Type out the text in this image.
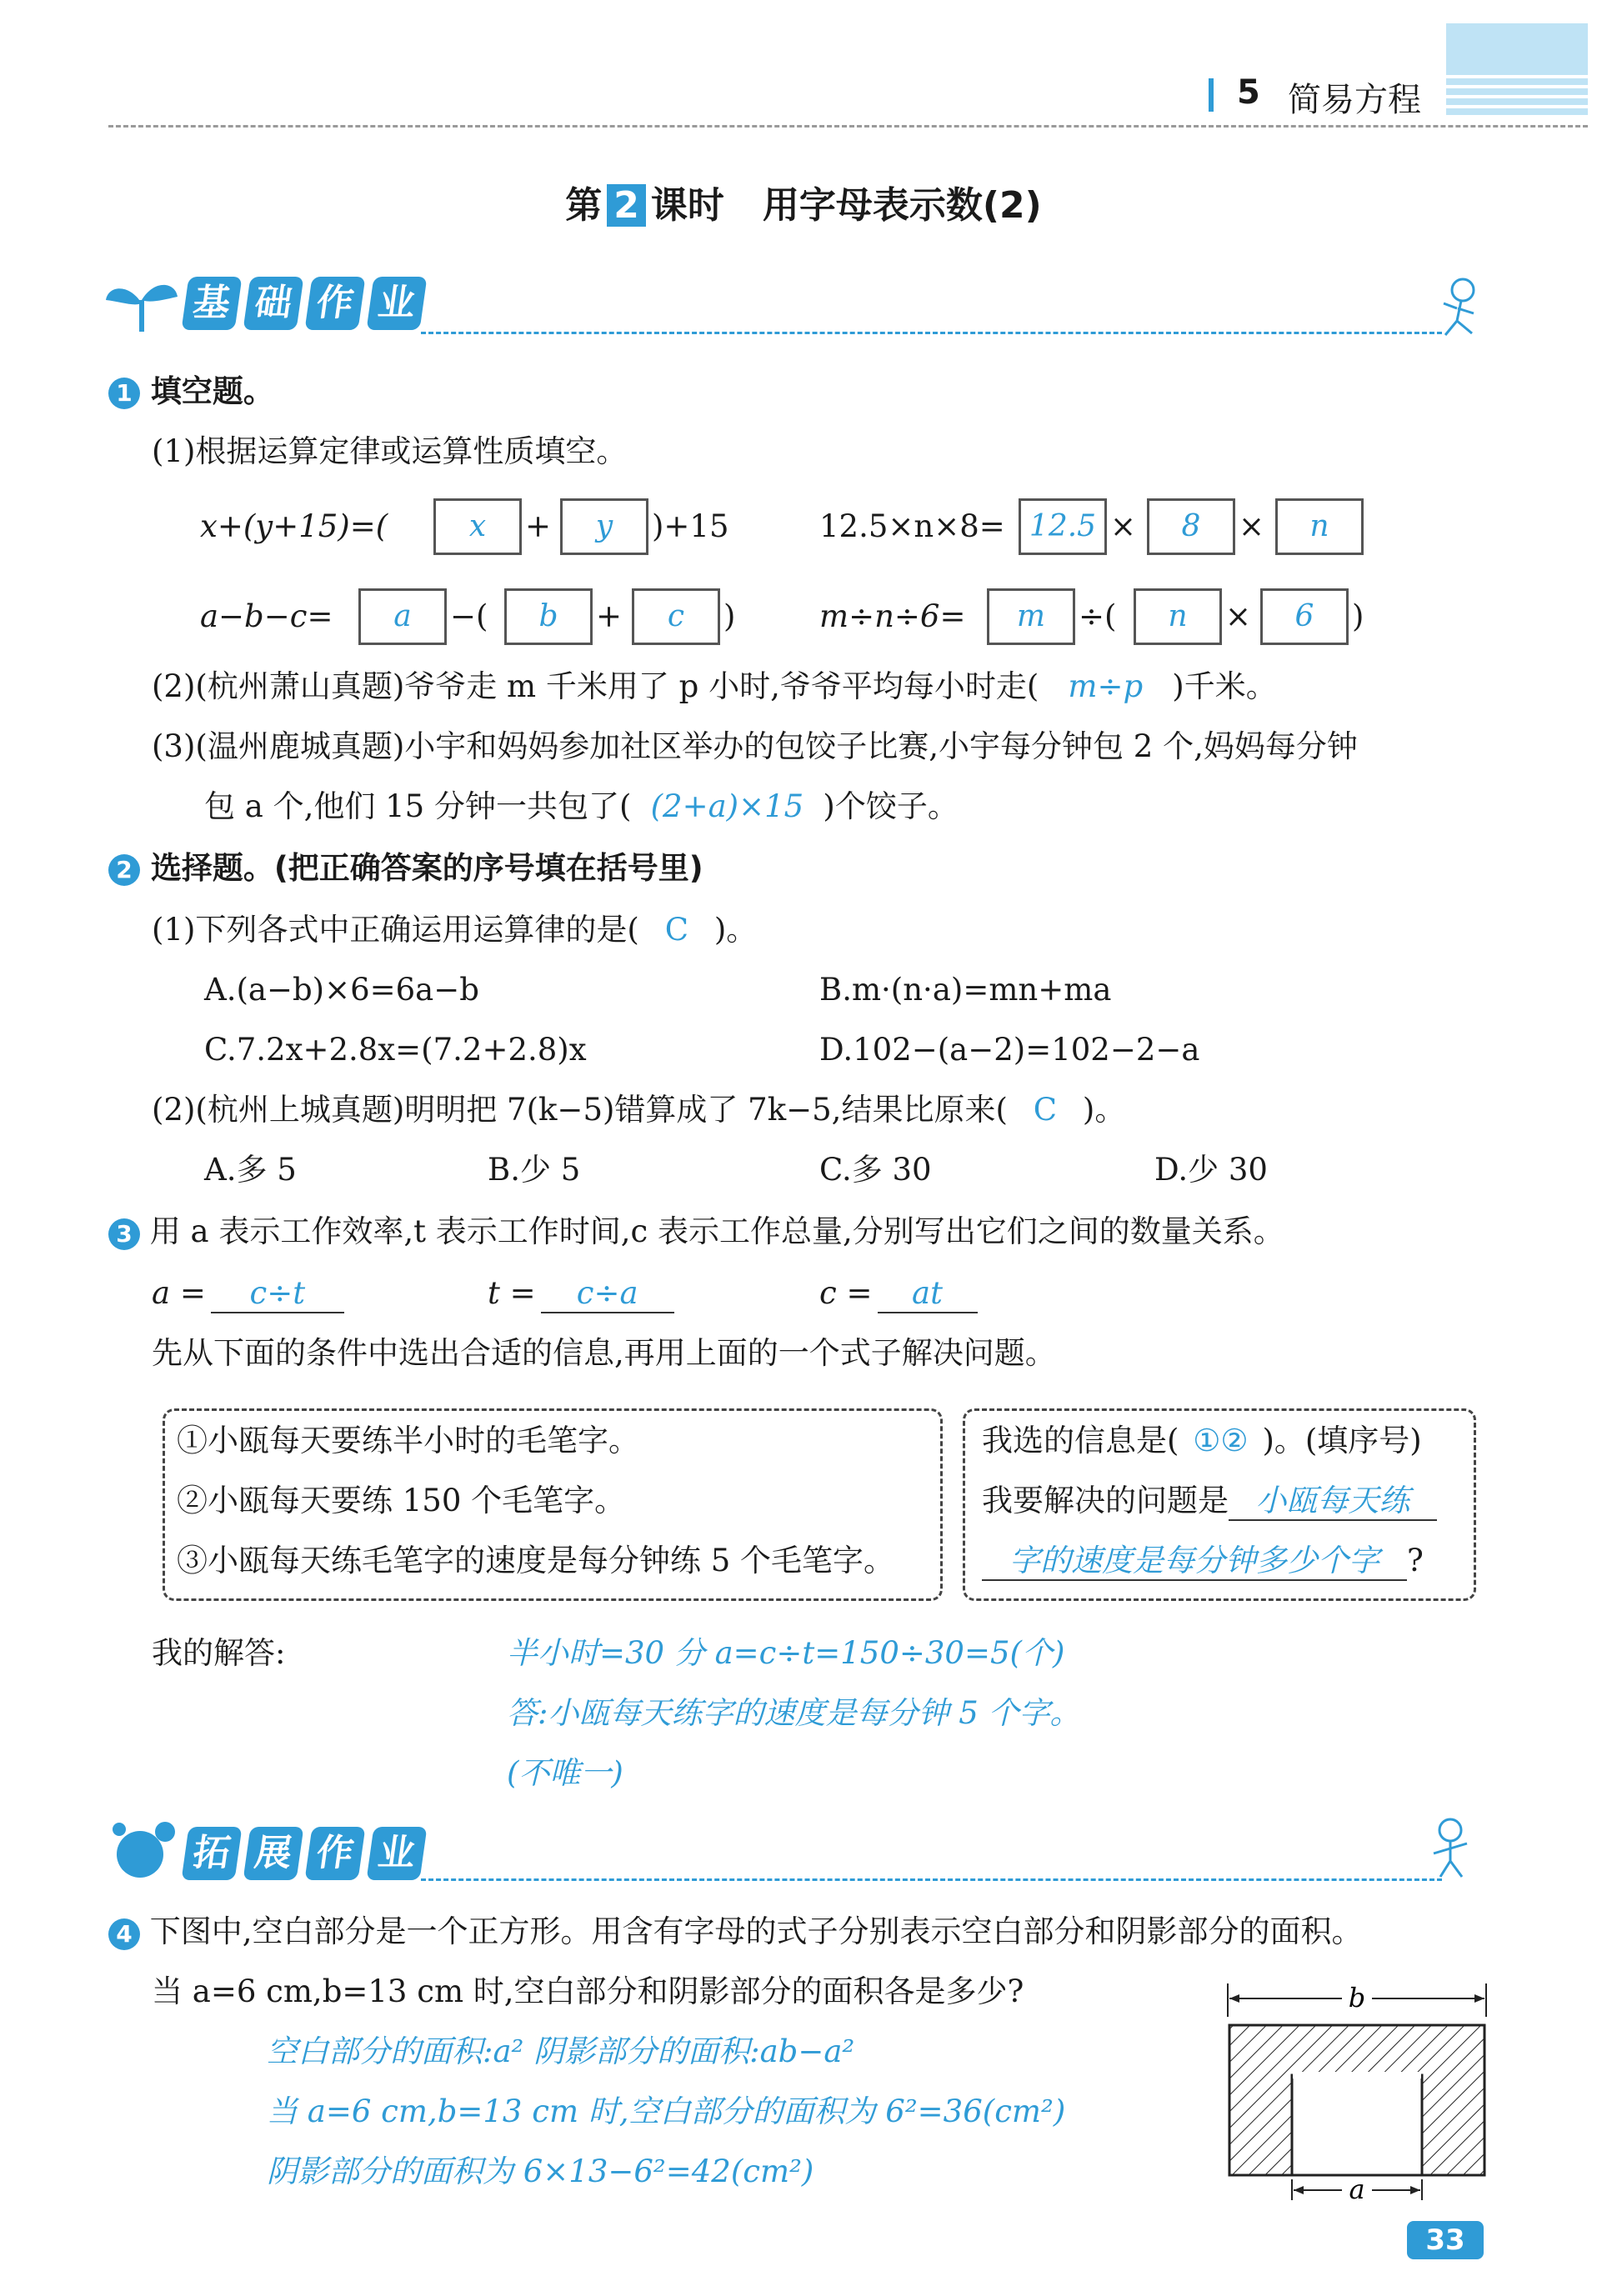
5 简易方程
第 2 课时 用字母表示数(2)
基 础 作 业
1 填空题。
(1)根据运算定律或运算性质填空。
x+(y+15)=(	x	+	y	)+15	12.5×n×8= 12.5 ×	8	×	n
a−b−c=	a	−(	b	+	c	)	m÷n÷6=	m	÷(	n	×	6	)
(2)(杭州萧山真题)爷爷走 m 千米用了 p 小时,爷爷平均每小时走( m÷p )千米。
(3)(温州鹿城真题)小宇和妈妈参加社区举办的包饺子比赛,小宇每分钟包 2 个,妈妈每分钟
包 a 个,他们 15 分钟一共包了( (2+a)×15 )个饺子。
2 选择题。(把正确答案的序号填在括号里)
(1)下列各式中正确运用运算律的是( C )。
A.(a−b)×6=6a−b	B.m·(n·a)=mn+ma
C.7.2x+2.8x=(7.2+2.8)x	D.102−(a−2)=102−2−a
(2)(杭州上城真题)明明把 7(k−5)错算成了 7k−5,结果比原来( C )。
A.多 5	B.少 5	C.多 30	D.少 30
3 用 a 表示工作效率,t 表示工作时间,c 表示工作总量,分别写出它们之间的数量关系。
a = c÷t	t = c÷a	c = at
先从下面的条件中选出合适的信息,再用上面的一个式子解决问题。
①小瓯每天要练半小时的毛笔字。
②小瓯每天要练 150 个毛笔字。
③小瓯每天练毛笔字的速度是每分钟练 5 个毛笔字。
我选的信息是( ①② )。(填序号)
我要解决的问题是 小瓯每天练
字的速度是每分钟多少个字 ?
我的解答:	半小时=30 分 a=c÷t=150÷30=5(个)
答:小瓯每天练字的速度是每分钟 5 个字。
(不唯一)
拓 展 作 业
4 下图中,空白部分是一个正方形。用含有字母的式子分别表示空白部分和阴影部分的面积。
当 a=6 cm,b=13 cm 时,空白部分和阴影部分的面积各是多少?
空白部分的面积:a² 阴影部分的面积:ab−a²
当 a=6 cm,b=13 cm 时,空白部分的面积为 6²=36(cm²)
阴影部分的面积为 6×13−6²=42(cm²)
b
a
33
